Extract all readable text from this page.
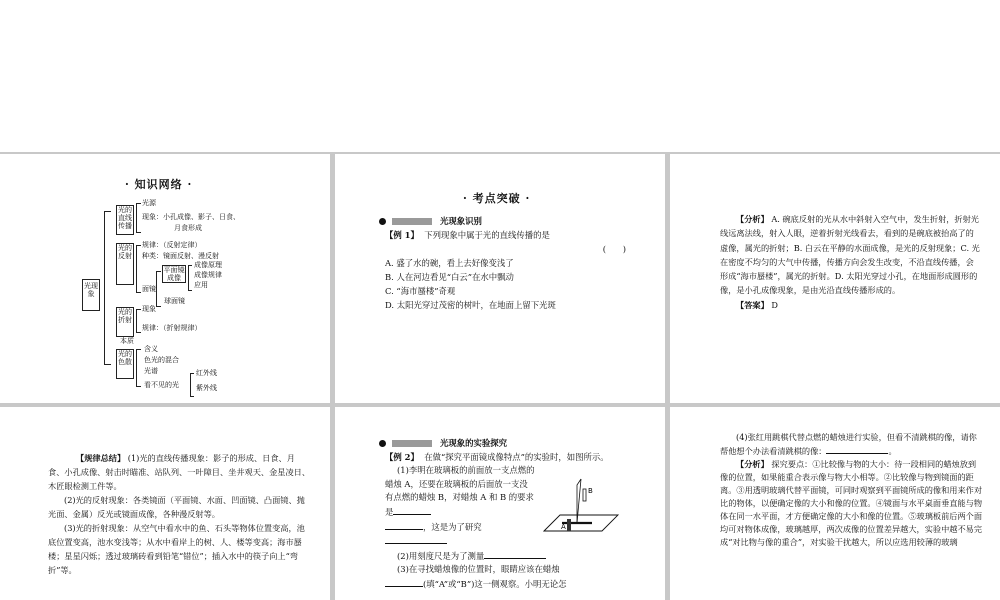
· 知识网络 ·
光现象
光的直线传播
光源
现象：小孔成像、影子、日食、
月食形成
光的反射
规律：（反射定律）
种类：镜面反射、漫反射
面镜
平面镜成像
成像原理
成像规律
应用
球面镜
光的折射
现象
规律：（折射规律）
本质
光的色散
含义
色光的混合
光谱
看不见的光
红外线
紫外线
· 考点突破 ·
光现象识别
【例 1】 下列现象中属于光的直线传播的是
(　　)
A. 盛了水的碗，看上去好像变浅了
B. 人在河边看见“白云”在水中飘动
C. “海市蜃楼”奇观
D. 太阳光穿过茂密的树叶，在地面上留下光斑
【分析】 A. 碗底反射的光从水中斜射入空气中，发生折射，折射光线远离法线，射入人眼，逆着折射光线看去，看到的是碗底被抬高了的虚像，属光的折射；B. 白云在平静的水面成像，是光的反射现象；C. 光在密度不均匀的大气中传播，传播方向会发生改变，不沿直线传播，会形成“海市蜃楼”，属光的折射。D. 太阳光穿过小孔，在地面形成圆形的像，是小孔成像现象，是由光沿直线传播形成的。
【答案】 D
【规律总结】 (1)光的直线传播现象：影子的形成、日食、月食、小孔成像、射击时瞄准、站队列、一叶障目、坐井观天、金星凌日、木匠眼检测工件等。
(2)光的反射现象：各类镜面（平面镜、水面、凹面镜、凸面镜、抛光面、金属）反光或镜面成像，各种漫反射等。
(3)光的折射现象：从空气中看水中的鱼、石头等物体位置变高，池底位置变高，池水变浅等；从水中看岸上的树、人、楼等变高；海市蜃楼；星星闪烁；透过玻璃砖看到铅笔“错位”；插入水中的筷子向上“弯折”等。
光现象的实验探究
【例 2】 在做“探究平面镜成像特点”的实验时，如图所示。
(1)李明在玻璃板的前面放一支点燃的蜡烛 A，还要在玻璃板的后面放一支没有点燃的蜡烛 B，对蜡烛 A 和 B 的要求是
，这是为了研究
(2)用刻度尺是为了测量
(3)在寻找蜡烛像的位置时，眼睛应该在蜡烛
(填“A”或“B”)这一侧观察。小明无论怎
B
A
(4)张红用跳棋代替点燃的蜡烛进行实验，但看不清跳棋的像，请你帮他想个办法看清跳棋的像：	。
【分析】 探究要点：①比较像与物的大小：待一段相同的蜡烛放到像的位置，如果能重合表示像与物大小相等。②比较像与物到镜面的距离。③用透明玻璃代替平面镜，可同时观察到平面镜所成的像和用来作对比的物体，以便确定像的大小和像的位置。④镜面与水平桌面垂直能与物体在同一水平面，才方便确定像的大小和像的位置。⑤玻璃板前后两个面均可对物体成像，玻璃越厚，两次成像的位置差异越大，实验中越不易完成“对比物与像的重合”，对实验干扰越大，所以应选用较薄的玻璃
